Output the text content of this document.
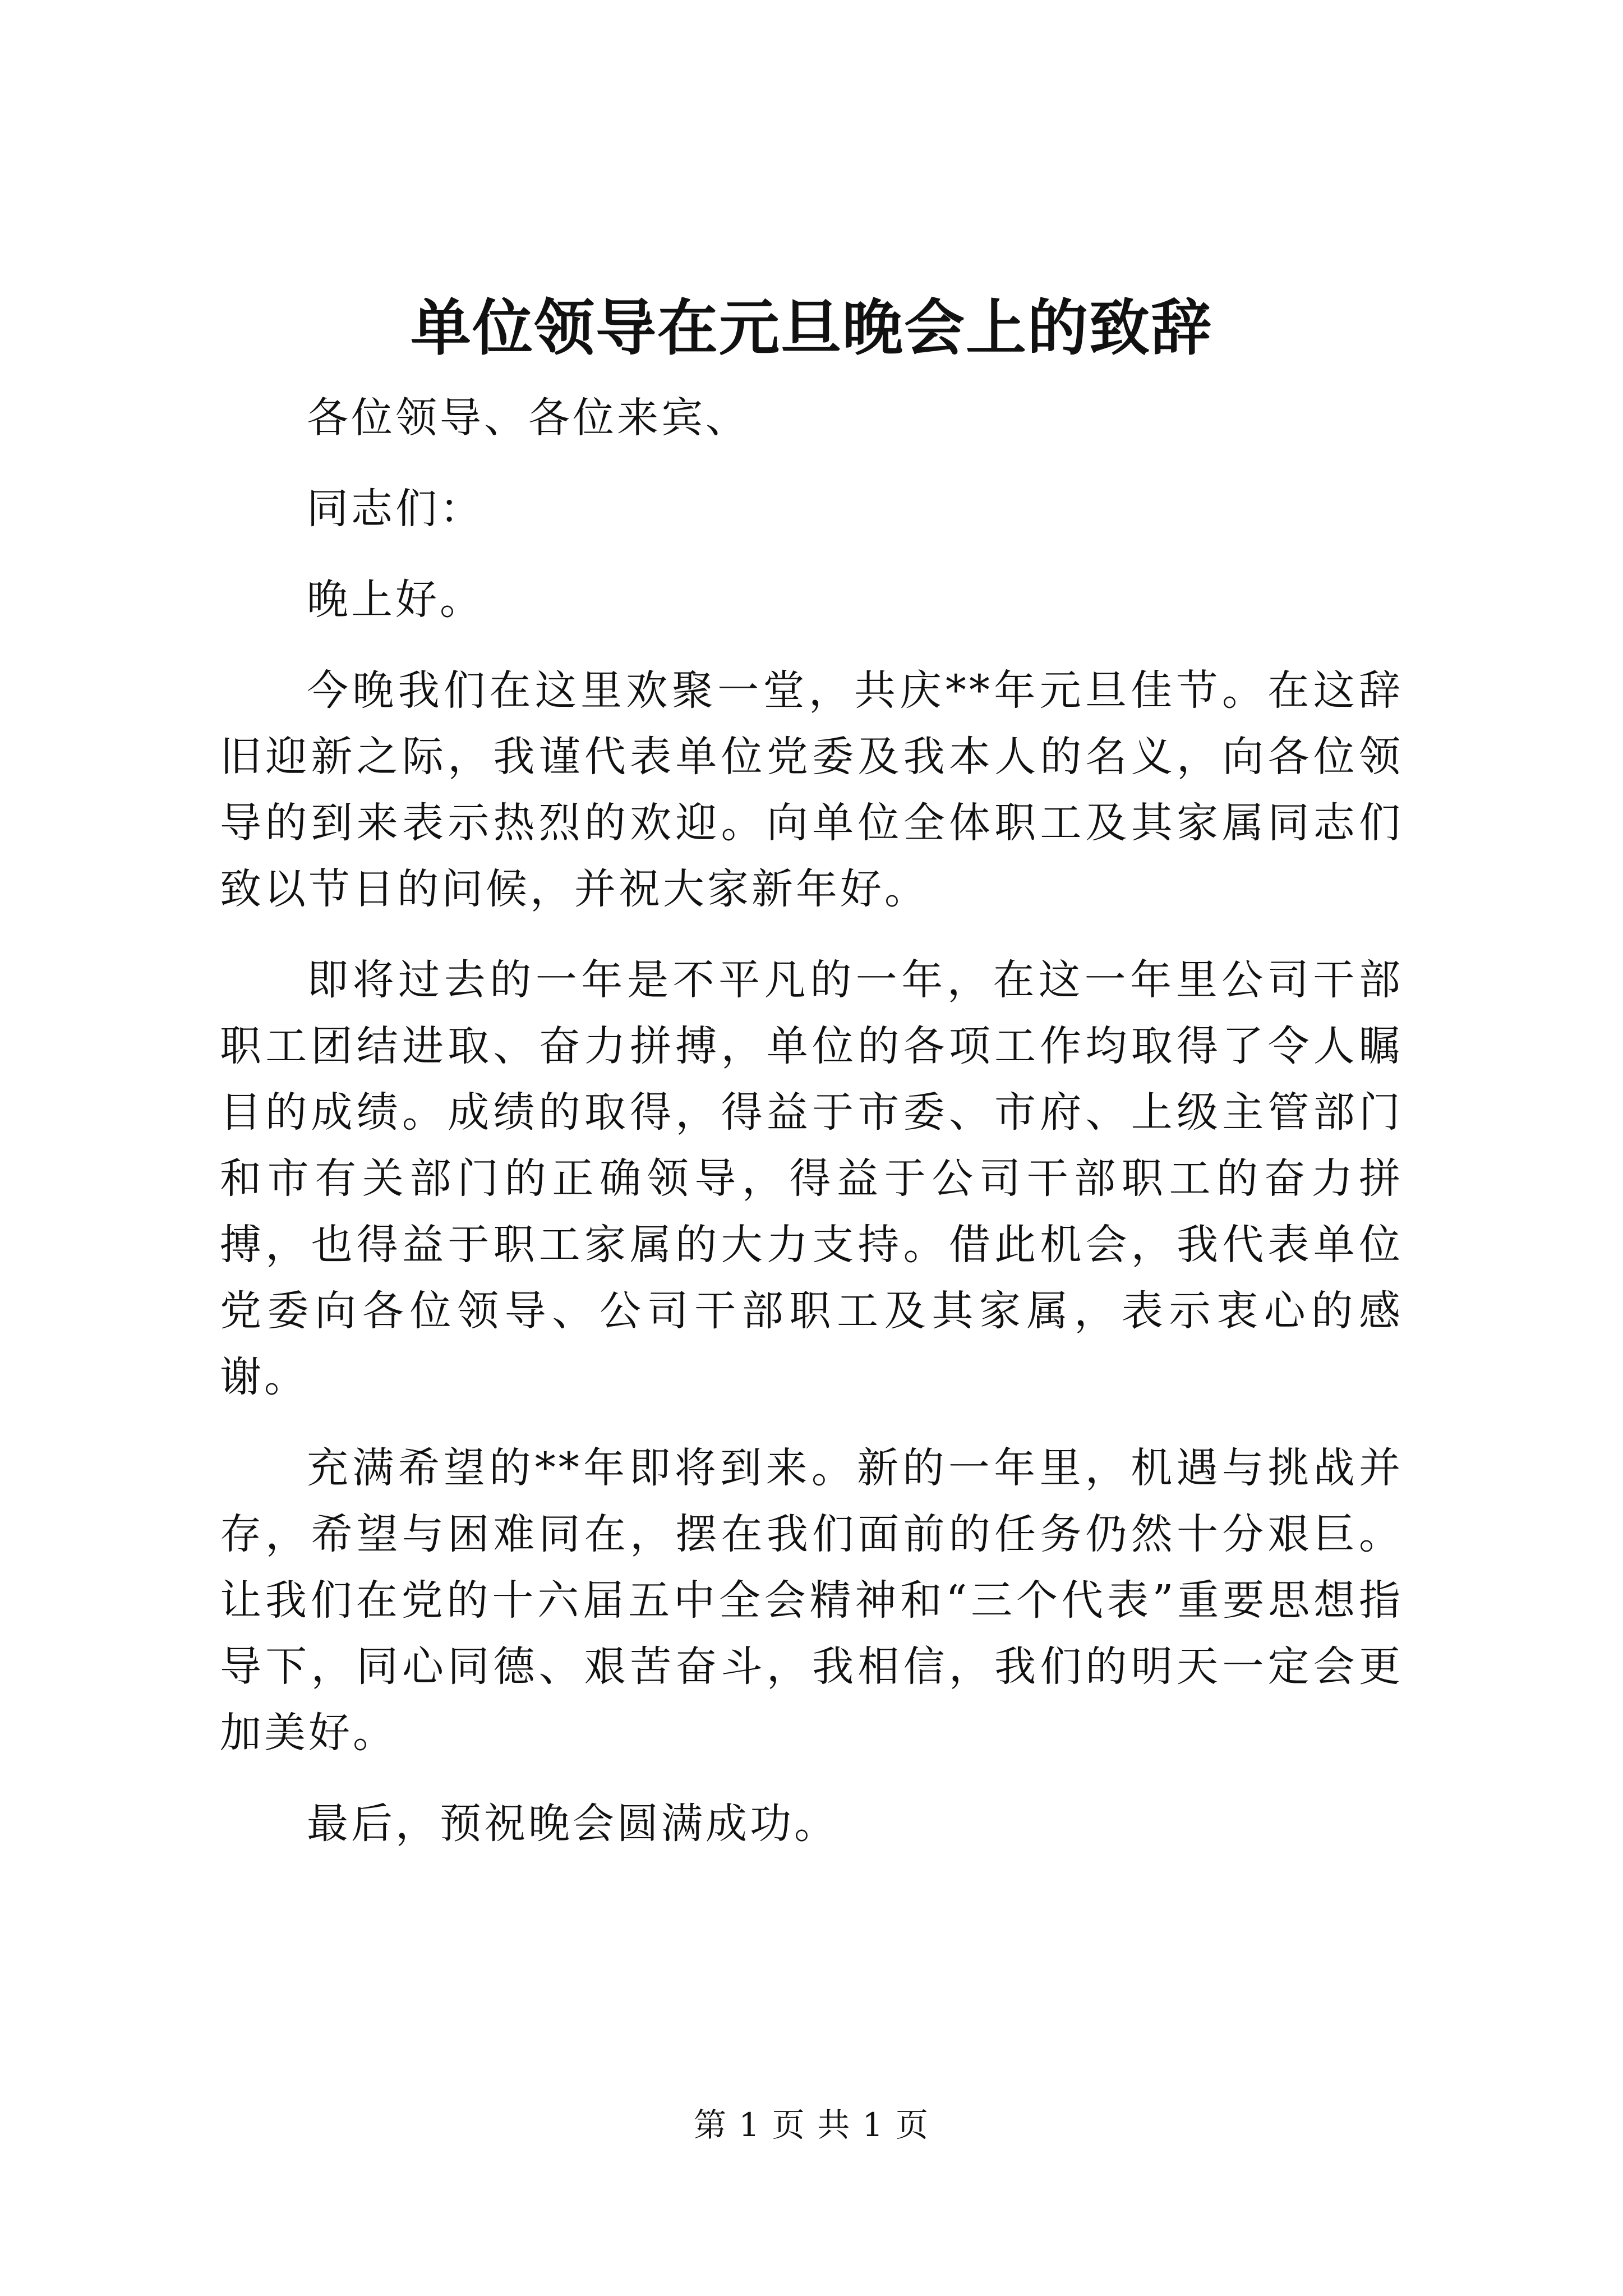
单位领导在元旦晚会上的致辞

各位领导、各位来宾、

同志们：

晚上好。

今晚我们在这里欢聚一堂，共庆**年元旦佳节。在这辞旧迎新之际，我谨代表单位党委及我本人的名义，向各位领导的到来表示热烈的欢迎。向单位全体职工及其家属同志们致以节日的问候，并祝大家新年好。

即将过去的一年是不平凡的一年，在这一年里公司干部职工团结进取、奋力拼搏，单位的各项工作均取得了令人瞩目的成绩。成绩的取得，得益于市委、市府、上级主管部门和市有关部门的正确领导，得益于公司干部职工的奋力拼搏，也得益于职工家属的大力支持。借此机会，我代表单位党委向各位领导、公司干部职工及其家属，表示衷心的感谢。

充满希望的**年即将到来。新的一年里，机遇与挑战并存，希望与困难同在，摆在我们面前的任务仍然十分艰巨。让我们在党的十六届五中全会精神和“三个代表”重要思想指导下，同心同德、艰苦奋斗，我相信，我们的明天一定会更加美好。

最后，预祝晚会圆满成功。

第 1 页 共 1 页
